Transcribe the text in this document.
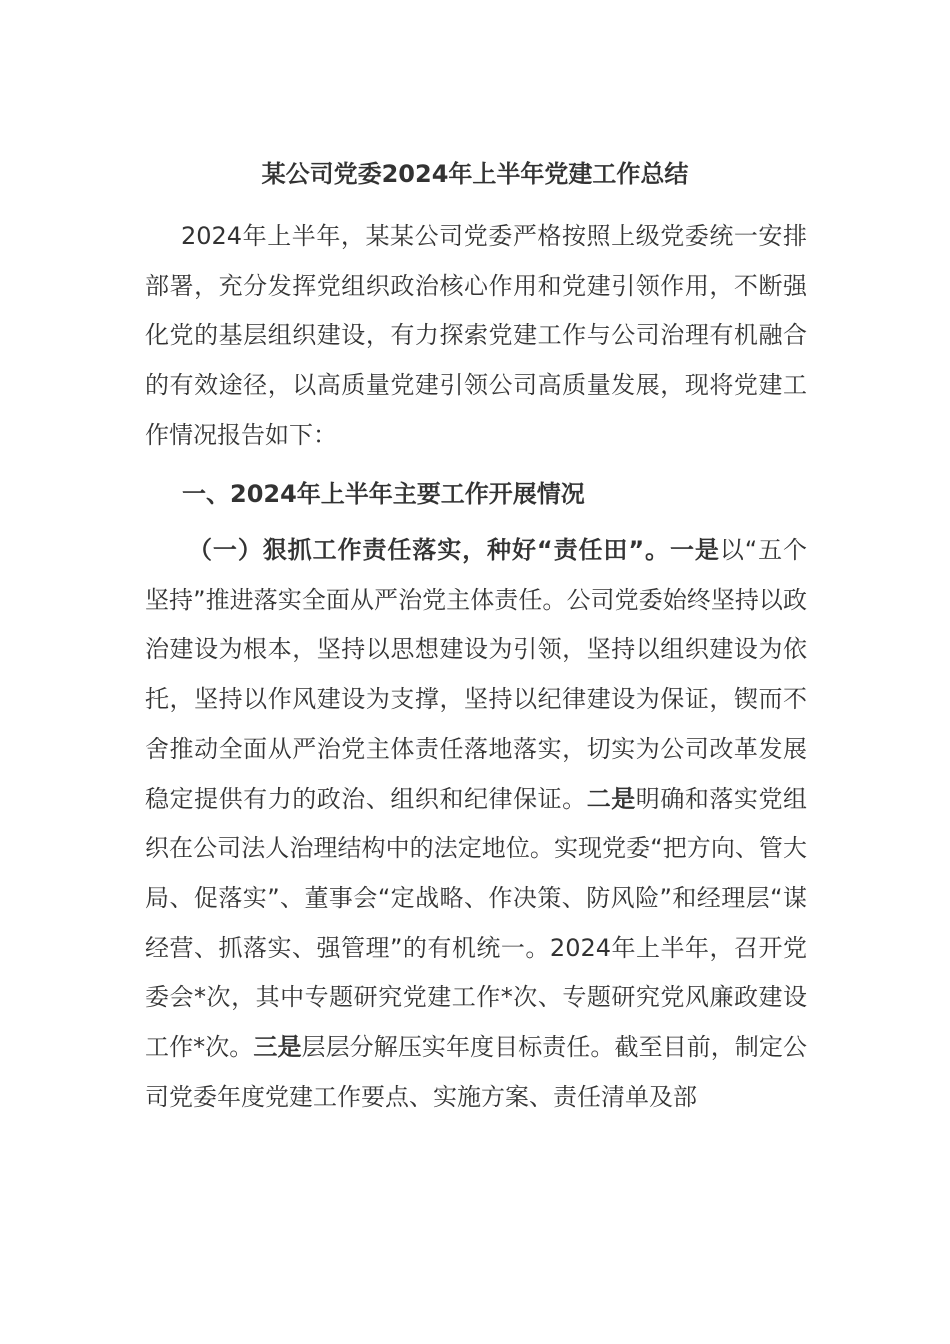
某公司党委2024年上半年党建工作总结
2024年上半年，某某公司党委严格按照上级党委统一安排部署，充分发挥党组织政治核心作用和党建引领作用，不断强化党的基层组织建设，有力探索党建工作与公司治理有机融合的有效途径，以高质量党建引领公司高质量发展，现将党建工作情况报告如下：
一、2024年上半年主要工作开展情况
（一）狠抓工作责任落实，种好“责任田”。一是以“五个坚持”推进落实全面从严治党主体责任。公司党委始终坚持以政治建设为根本，坚持以思想建设为引领，坚持以组织建设为依托，坚持以作风建设为支撑，坚持以纪律建设为保证，锲而不舍推动全面从严治党主体责任落地落实，切实为公司改革发展稳定提供有力的政治、组织和纪律保证。二是明确和落实党组织在公司法人治理结构中的法定地位。实现党委“把方向、管大局、促落实”、董事会“定战略、作决策、防风险”和经理层“谋经营、抓落实、强管理”的有机统一。2024年上半年，召开党委会*次，其中专题研究党建工作*次、专题研究党风廉政建设工作*次。三是层层分解压实年度目标责任。截至目前，制定公司党委年度党建工作要点、实施方案、责任清单及部
